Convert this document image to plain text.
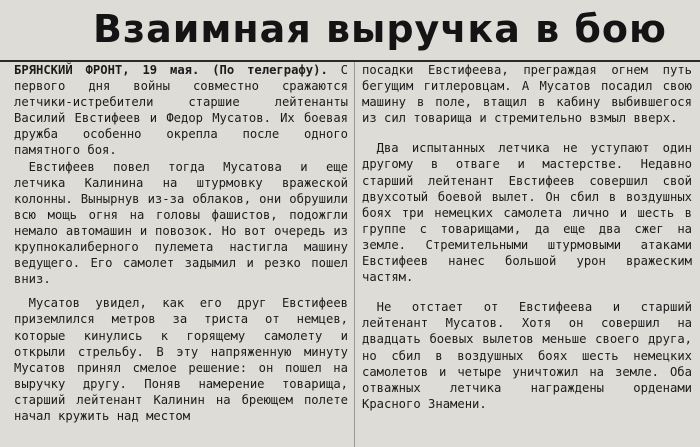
Взаимная выручка в бою

БРЯНСКИЙ ФРОНТ, 19 мая. (По телеграфу). С первого дня войны совместно сражаются летчики-истребители старшие лейтенанты Василий Евстифеев и Федор Мусатов. Их боевая дружба особенно окрепла после одного памятного боя.

Евстифеев повел тогда Мусатова и еще летчика Калинина на штурмовку вражеской колонны. Вынырнув из-за облаков, они обрушили всю мощь огня на головы фашистов, подожгли немало автомашин и повозок. Но вот очередь из крупнокалиберного пулемета настигла машину ведущего. Его самолет задымил и резко пошел вниз.

Мусатов увидел, как его друг Евстифеев приземлился метров за триста от немцев, которые кинулись к горящему самолету и открыли стрельбу. В эту напряженную минуту Мусатов принял смелое решение: он пошел на выручку другу. Поняв намерение товарища, старший лейтенант Калинин на бреющем полете начал кружить над местом

посадки Евстифеева, преграждая огнем путь бегущим гитлеровцам. А Мусатов посадил свою машину в поле, втащил в кабину выбившегося из сил товарища и стремительно взмыл вверх.

Два испытанных летчика не уступают один другому в отваге и мастерстве. Недавно старший лейтенант Евстифеев совершил свой двухсотый боевой вылет. Он сбил в воздушных боях три немецких самолета лично и шесть в группе с товарищами, да еще два сжег на земле. Стремительными штурмовыми атаками Евстифеев нанес большой урон вражеским частям.

Не отстает от Евстифеева и старший лейтенант Мусатов. Хотя он совершил на двадцать боевых вылетов меньше своего друга, но сбил в воздушных боях шесть немецких самолетов и четыре уничтожил на земле. Оба отважных летчика награждены орденами Красного Знамени.
